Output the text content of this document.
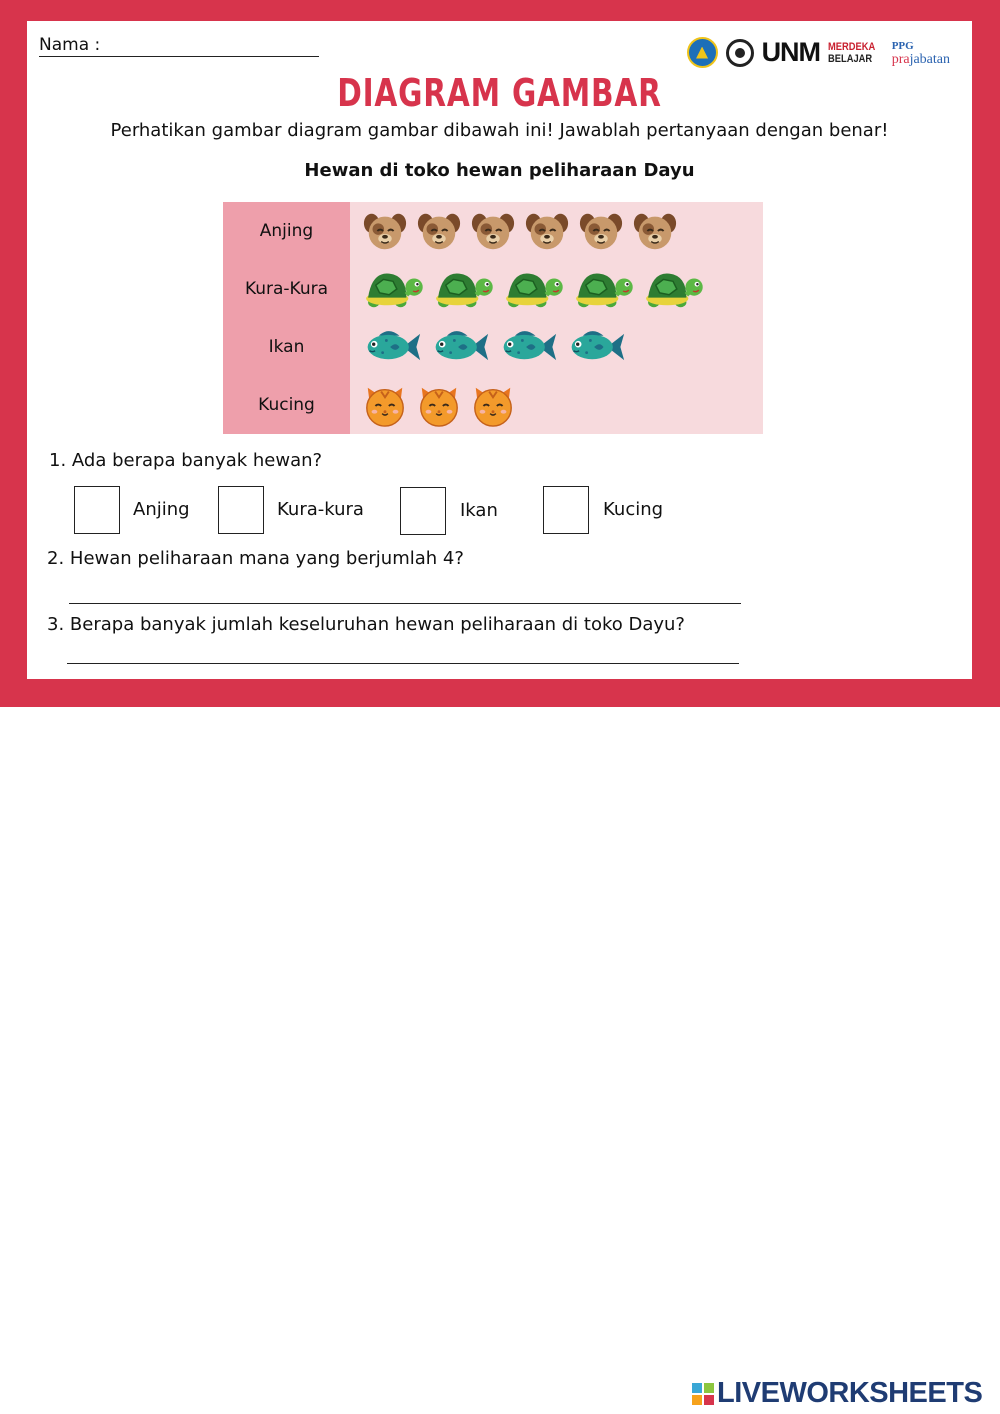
Nama :	UNM MERDEKA
BELAJAR
PPG
prajabatan
DIAGRAM GAMBAR
Perhatikan gambar diagram gambar dibawah ini! Jawablah pertanyaan dengan benar!
Hewan di toko hewan peliharaan Dayu
Anjing
Kura-Kura
Ikan
Kucing
1. Ada berapa banyak hewan?
Anjing	Kura-kura	Ikan	Kucing
2. Hewan peliharaan mana yang berjumlah 4?
3. Berapa banyak jumlah keseluruhan hewan peliharaan di toko Dayu?
LIVEWORKSHEETS
